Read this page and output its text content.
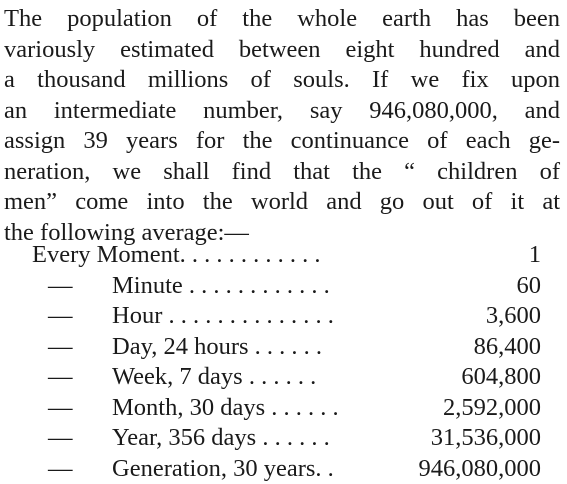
The population of the whole earth has been
variously estimated between eight hundred and
a thousand millions of souls. If we fix upon
an intermediate number, say 946,080,000, and
assign 39 years for the continuance of each ge-
neration, we shall find that the “ children of
men” come into the world and go out of it at
the following average:—
Every Moment. . . . . . . . . . . .	1
— Minute . . . . . . . . . . . .	60
— Hour . . . . . . . . . . . . . .	3,600
— Day, 24 hours . . . . . .	86,400
— Week, 7 days . . . . . .	604,800
— Month, 30 days . . . . . .	2,592,000
— Year, 356 days . . . . . .	31,536,000
— Generation, 30 years. .	946,080,000
